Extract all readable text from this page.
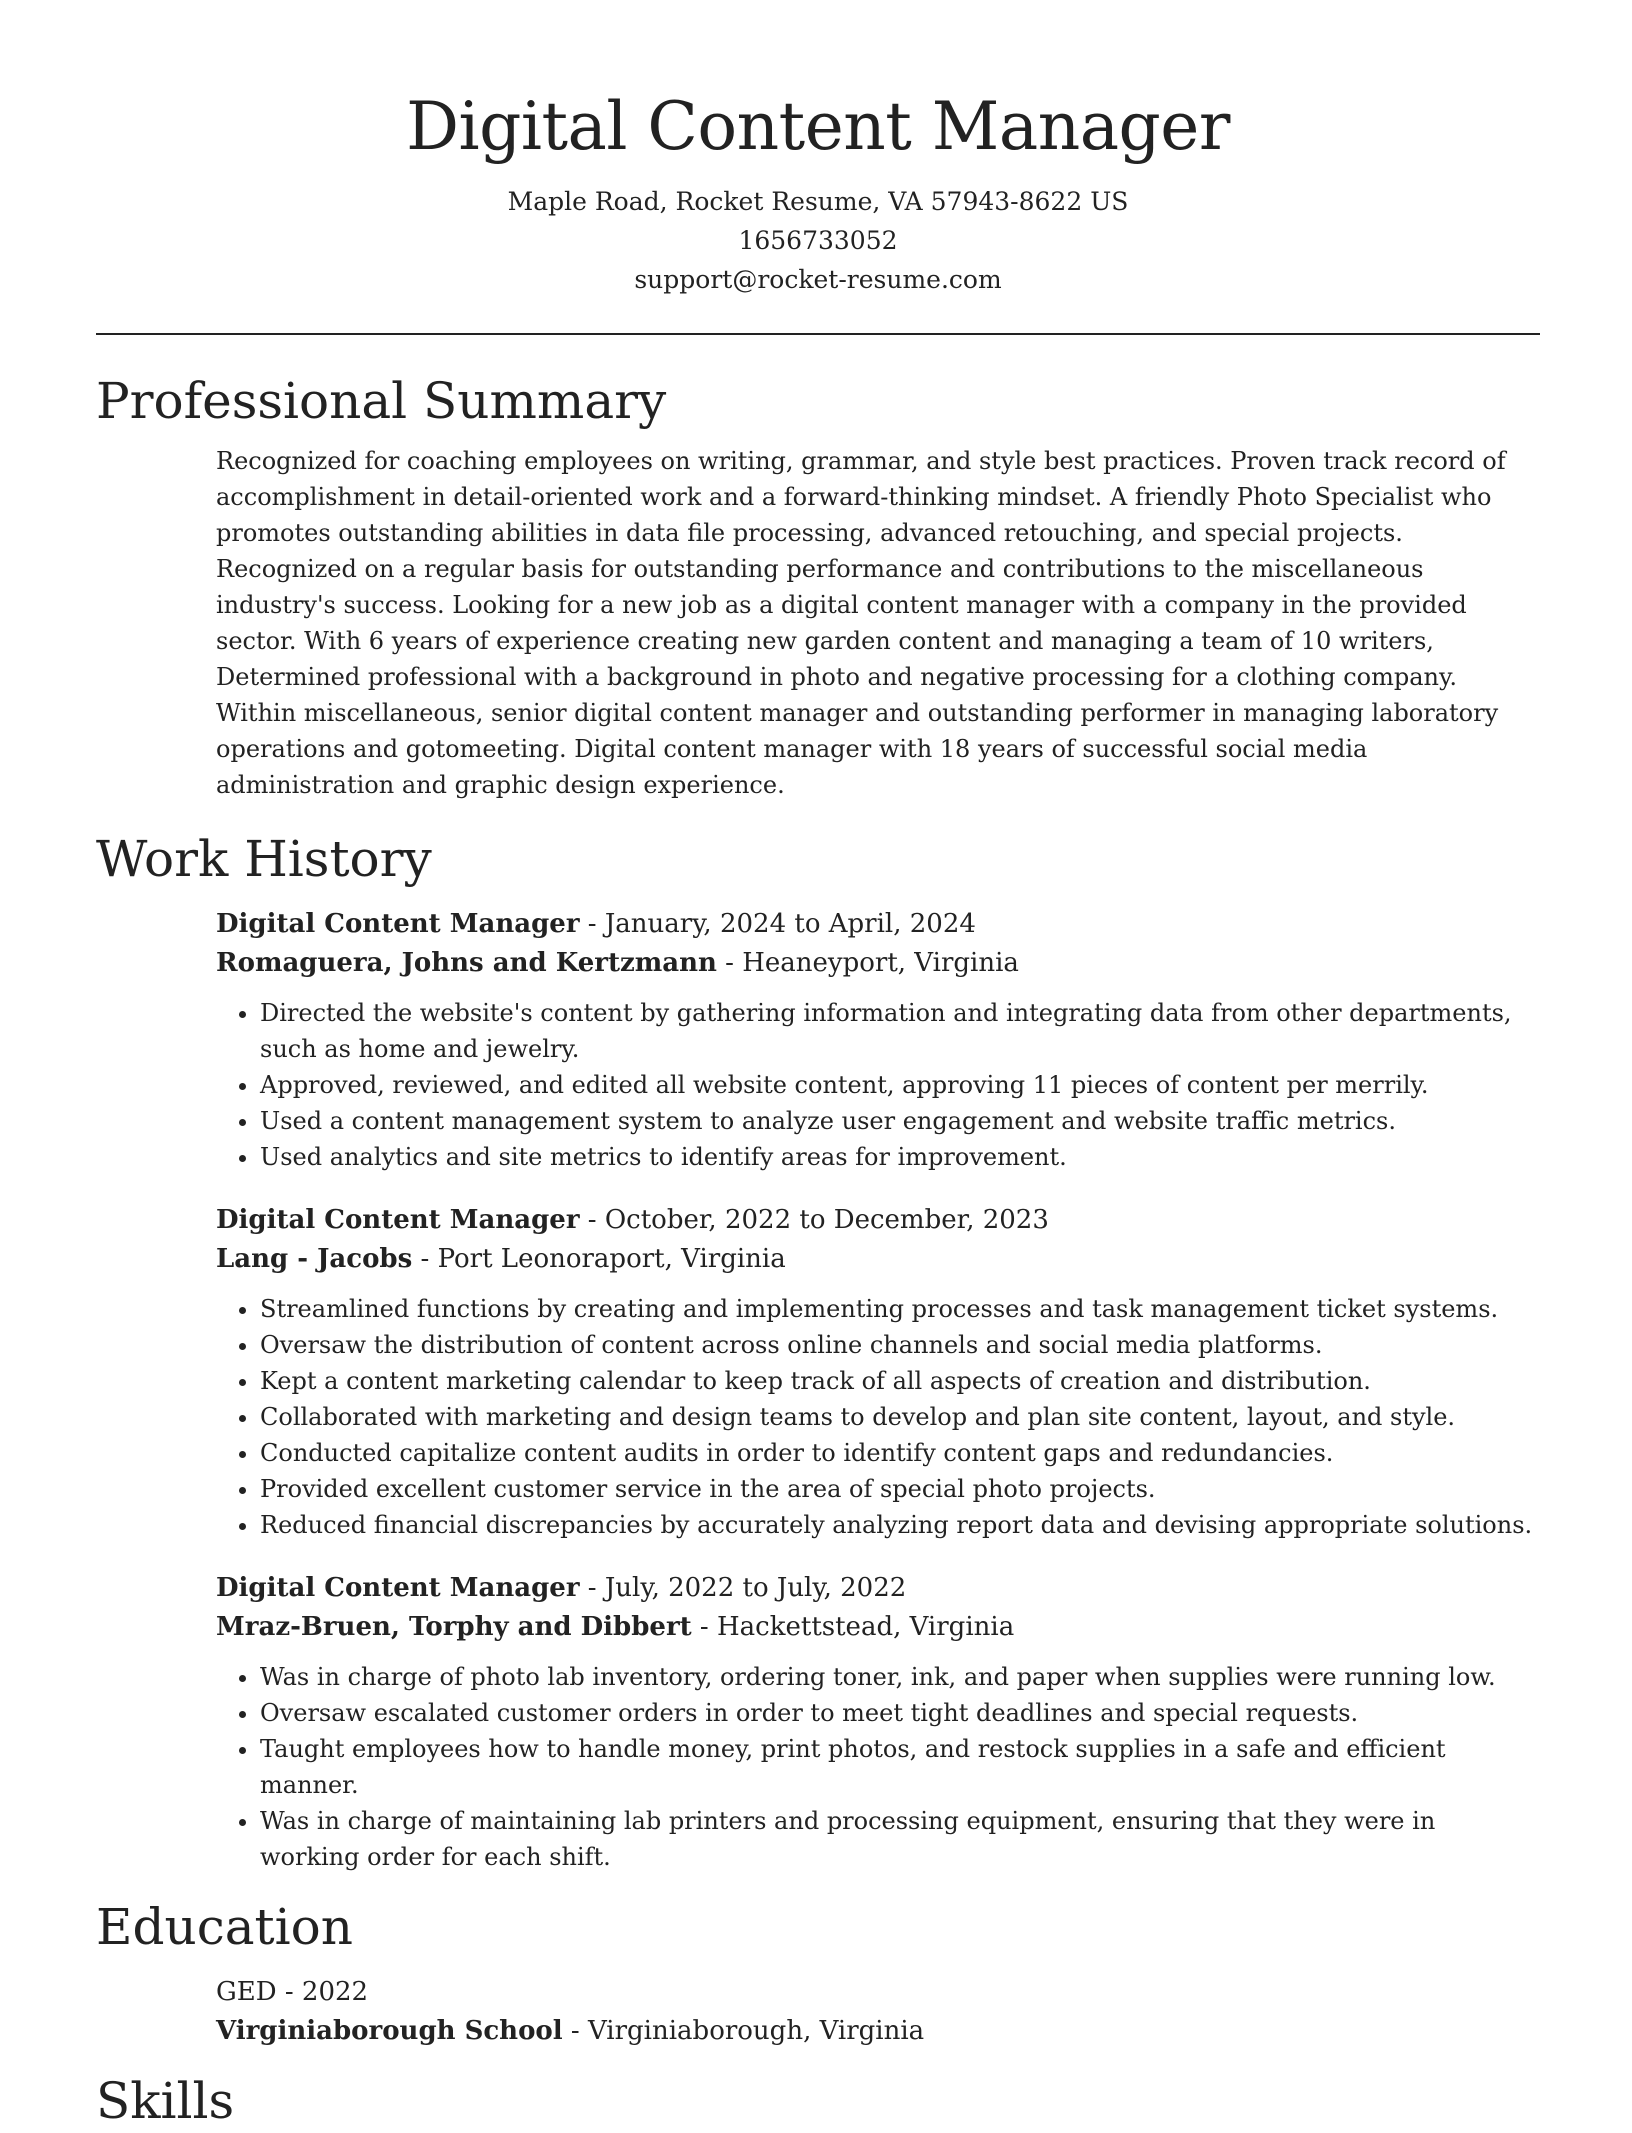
Digital Content Manager
Maple Road, Rocket Resume, VA 57943-8622 US
1656733052
support@rocket-resume.com
Professional Summary

Recognized for coaching employees on writing, grammar, and style best practices. Proven track record of accomplishment in detail-oriented work and a forward-thinking mindset. A friendly Photo Specialist who promotes outstanding abilities in data file processing, advanced retouching, and special projects. Recognized on a regular basis for outstanding performance and contributions to the miscellaneous industry's success. Looking for a new job as a digital content manager with a company in the provided sector. With 6 years of experience creating new garden content and managing a team of 10 writers, Determined professional with a background in photo and negative processing for a clothing company. Within miscellaneous, senior digital content manager and outstanding performer in managing laboratory operations and gotomeeting. Digital content manager with 18 years of successful social media administration and graphic design experience.

Work History
Digital Content Manager - January, 2024 to April, 2024
Romaguera, Johns and Kertzmann - Heaneyport, Virginia
• Directed the website's content by gathering information and integrating data from other departments, such as home and jewelry.
• Approved, reviewed, and edited all website content, approving 11 pieces of content per merrily.
• Used a content management system to analyze user engagement and website traffic metrics.
• Used analytics and site metrics to identify areas for improvement.
Digital Content Manager - October, 2022 to December, 2023
Lang - Jacobs - Port Leonoraport, Virginia
• Streamlined functions by creating and implementing processes and task management ticket systems.
• Oversaw the distribution of content across online channels and social media platforms.
• Kept a content marketing calendar to keep track of all aspects of creation and distribution.
• Collaborated with marketing and design teams to develop and plan site content, layout, and style.
• Conducted capitalize content audits in order to identify content gaps and redundancies.
• Provided excellent customer service in the area of special photo projects.
• Reduced financial discrepancies by accurately analyzing report data and devising appropriate solutions.
Digital Content Manager - July, 2022 to July, 2022
Mraz-Bruen, Torphy and Dibbert - Hackettstead, Virginia
• Was in charge of photo lab inventory, ordering toner, ink, and paper when supplies were running low.
• Oversaw escalated customer orders in order to meet tight deadlines and special requests.
• Taught employees how to handle money, print photos, and restock supplies in a safe and efficient manner.
• Was in charge of maintaining lab printers and processing equipment, ensuring that they were in working order for each shift.
Education
GED - 2022
Virginiaborough School - Virginiaborough, Virginia
Skills
